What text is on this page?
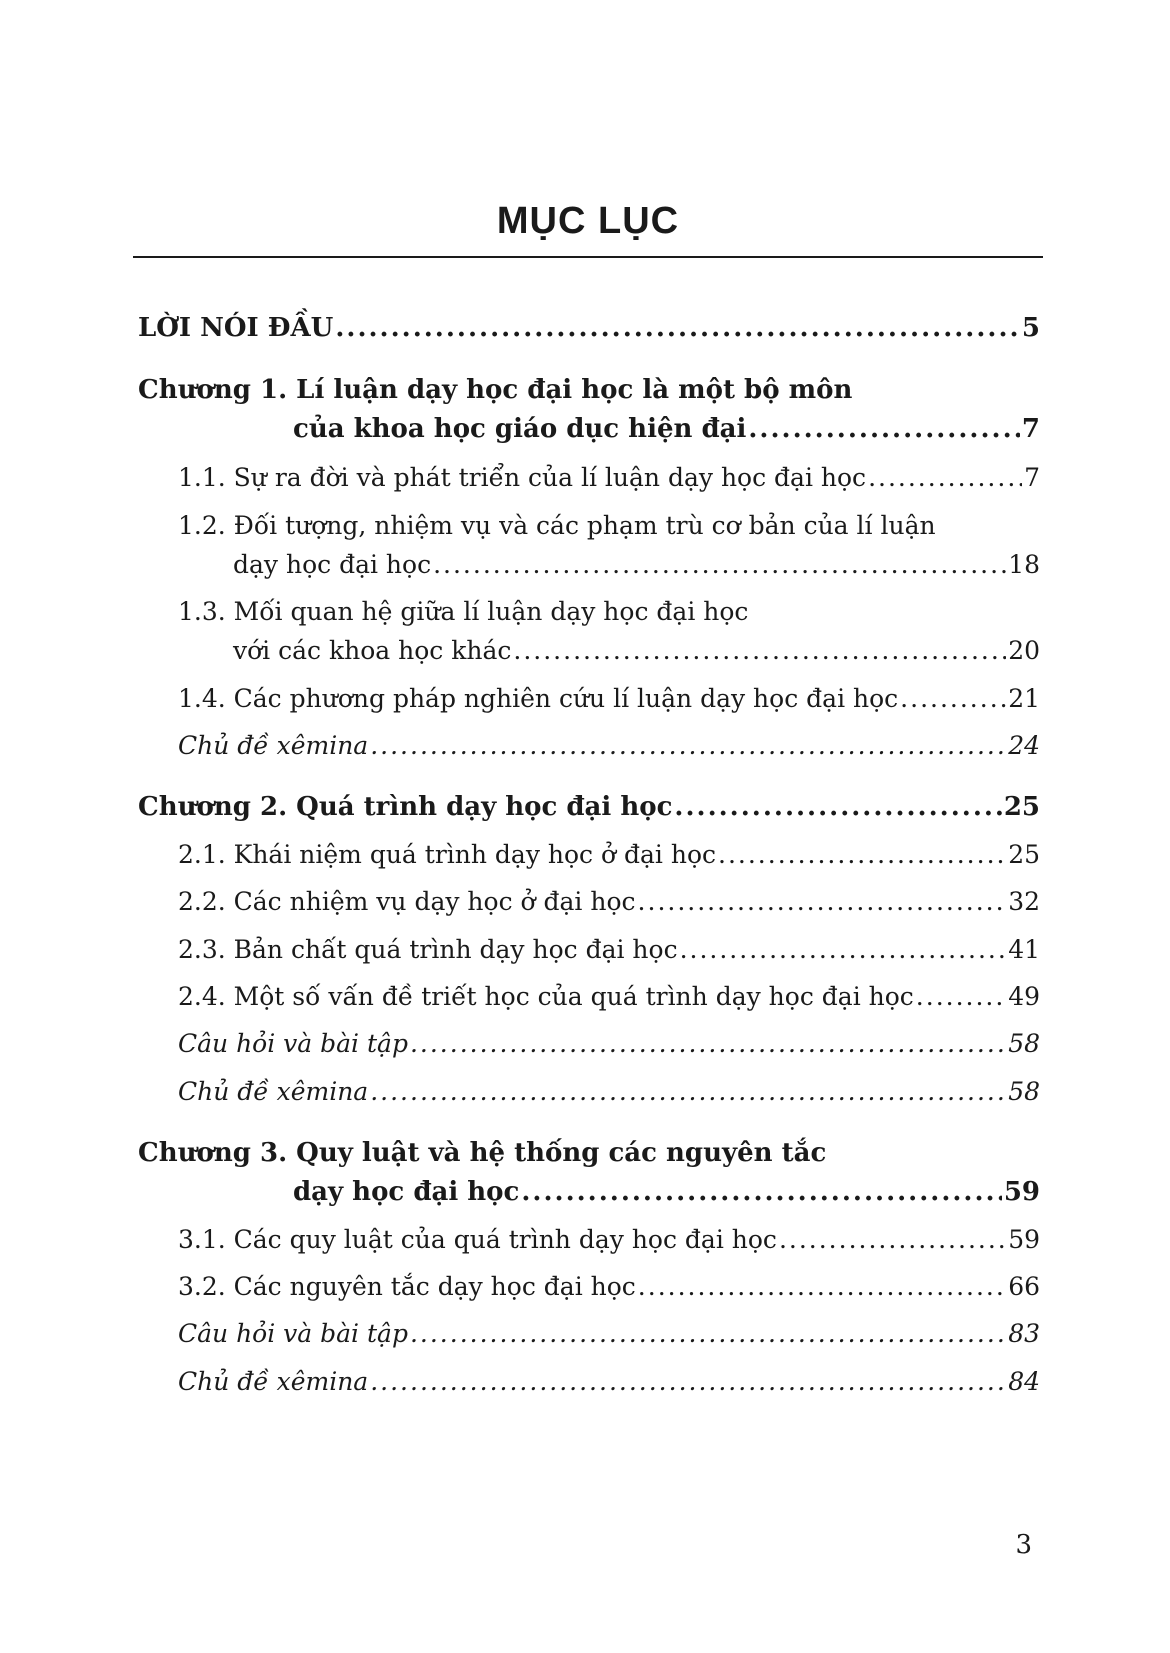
MỤC LỤC
LỜI NÓI ĐẦU .....	5
Chương 1. Lí luận dạy học đại học là một bộ môn
của khoa học giáo dục hiện đại .....	7
1.1. Sự ra đời và phát triển của lí luận dạy học đại học .....	7
1.2. Đối tượng, nhiệm vụ và các phạm trù cơ bản của lí luận
dạy học đại học .....	18
1.3. Mối quan hệ giữa lí luận dạy học đại học
với các khoa học khác .....	20
1.4. Các phương pháp nghiên cứu lí luận dạy học đại học .....	21
Chủ đề xêmina .....	24
Chương 2. Quá trình dạy học đại học .....	25
2.1. Khái niệm quá trình dạy học ở đại học .....	25
2.2. Các nhiệm vụ dạy học ở đại học .....	32
2.3. Bản chất quá trình dạy học đại học .....	41
2.4. Một số vấn đề triết học của quá trình dạy học đại học .....	49
Câu hỏi và bài tập .....	58
Chủ đề xêmina .....	58
Chương 3. Quy luật và hệ thống các nguyên tắc
dạy học đại học .....	59
3.1. Các quy luật của quá trình dạy học đại học .....	59
3.2. Các nguyên tắc dạy học đại học .....	66
Câu hỏi và bài tập .....	83
Chủ đề xêmina .....	84
3
